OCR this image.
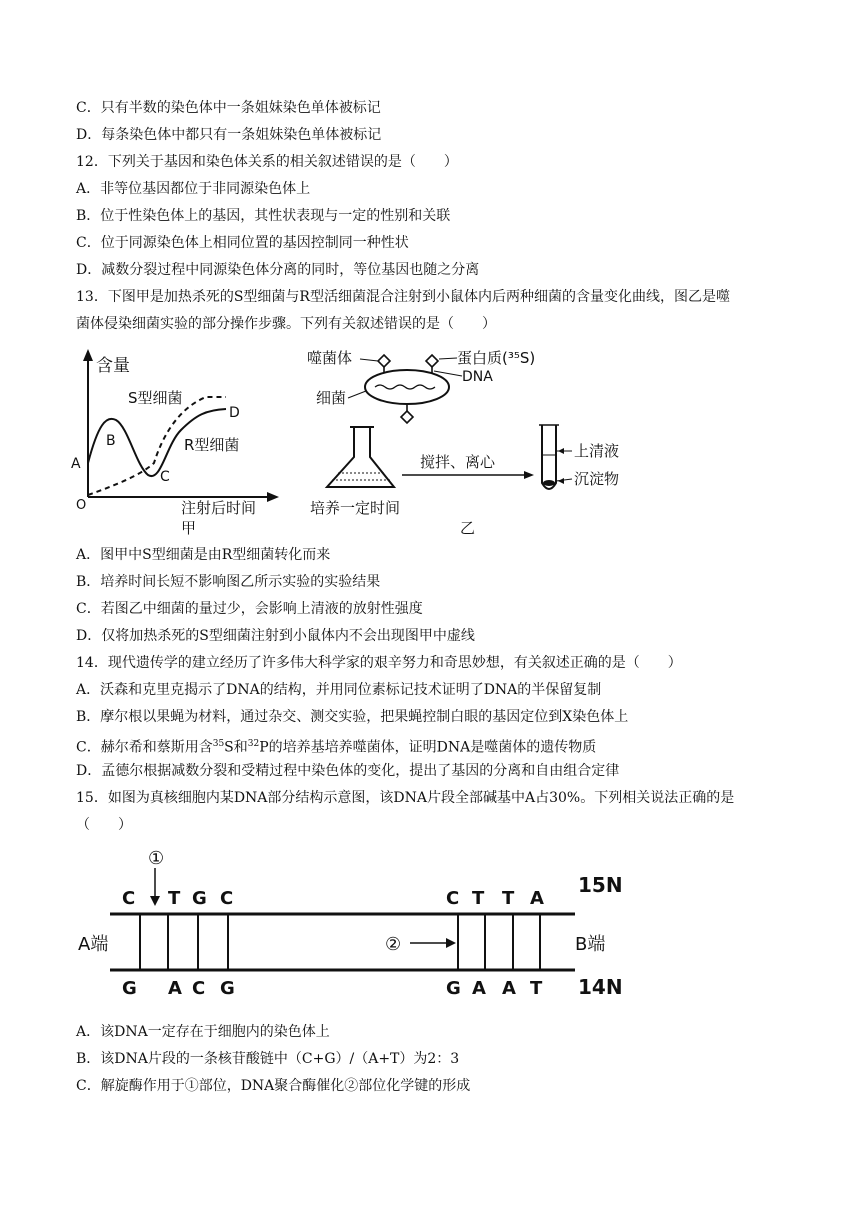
C．只有半数的染色体中一条姐妹染色单体被标记
D．每条染色体中都只有一条姐妹染色单体被标记
12．下列关于基因和染色体关系的相关叙述错误的是（　　）
A．非等位基因都位于非同源染色体上
B．位于性染色体上的基因，其性状表现与一定的性别和关联
C．位于同源染色体上相同位置的基因控制同一种性状
D．减数分裂过程中同源染色体分离的同时，等位基因也随之分离
13．下图甲是加热杀死的S型细菌与R型活细菌混合注射到小鼠体内后两种细菌的含量变化曲线，图乙是噬
菌体侵染细菌实验的部分操作步骤。下列有关叙述错误的是（　　）
含量
S型细菌
R型细菌
A
B
C
D
O	注射后时间
甲
噬菌体	蛋白质(³⁵S)
DNA
细菌
培养一定时间
搅拌、离心
上清液
沉淀物
乙
A．图甲中S型细菌是由R型细菌转化而来
B．培养时间长短不影响图乙所示实验的实验结果
C．若图乙中细菌的量过少，会影响上清液的放射性强度
D．仅将加热杀死的S型细菌注射到小鼠体内不会出现图甲中虚线
14．现代遗传学的建立经历了许多伟大科学家的艰辛努力和奇思妙想，有关叙述正确的是（　　）
A．沃森和克里克揭示了DNA的结构，并用同位素标记技术证明了DNA的半保留复制
B．摩尔根以果蝇为材料，通过杂交、测交实验，把果蝇控制白眼的基因定位到X染色体上
C．赫尔希和蔡斯用含$^{35}$S和$^{32}$P的培养基培养噬菌体，证明DNA是噬菌体的遗传物质
D．孟德尔根据减数分裂和受精过程中染色体的变化，提出了基因的分离和自由组合定律
15．如图为真核细胞内某DNA部分结构示意图，该DNA片段全部碱基中A占30%。下列相关说法正确的是
（　　）
①
②
A端	B端
15N
14N
C T G C	C T T A
G A C G	G A A T
A．该DNA一定存在于细胞内的染色体上
B．该DNA片段的一条核苷酸链中（C+G）/（A+T）为2：3
C．解旋酶作用于①部位，DNA聚合酶催化②部位化学键的形成
